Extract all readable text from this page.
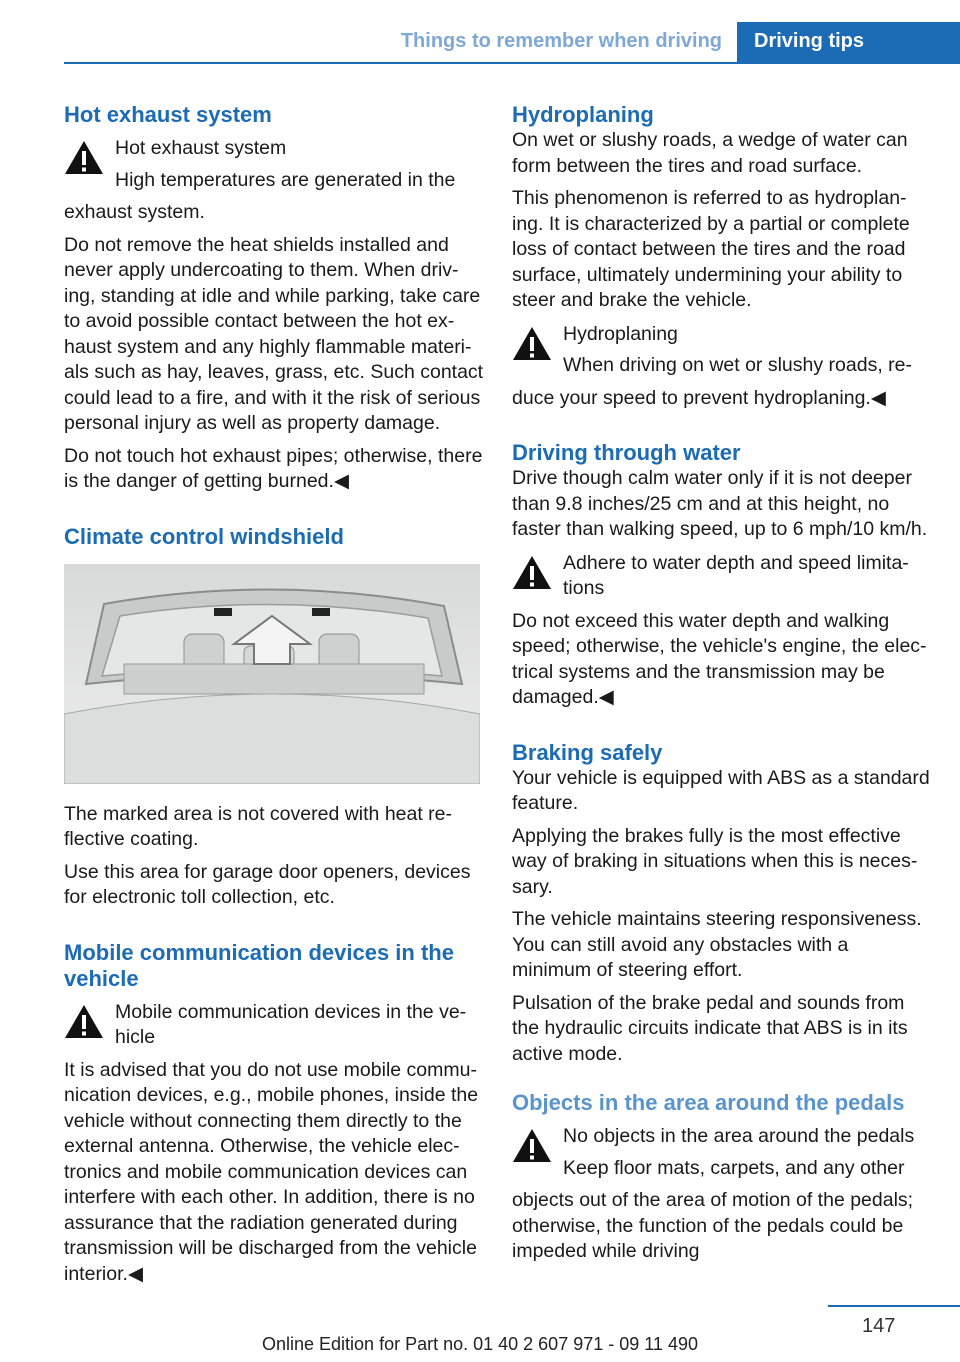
Things to remember when driving	Driving tips
Hot exhaust system

Hot exhaust system

High temperatures are generated in the

exhaust system.

Do not remove the heat shields installed and never apply undercoating to them. When driv‐ing, standing at idle and while parking, take care to avoid possible contact between the hot ex‐haust system and any highly flammable materi‐als such as hay, leaves, grass, etc. Such contact could lead to a fire, and with it the risk of serious personal injury as well as property damage.

Do not touch hot exhaust pipes; otherwise, there is the danger of getting burned.◀

Climate control windshield

The marked area is not covered with heat re‐flective coating.

Use this area for garage door openers, devices for electronic toll collection, etc.

Mobile communication devices in the vehicle

Mobile communication devices in the ve‐hicle

It is advised that you do not use mobile commu‐nication devices, e.g., mobile phones, inside the vehicle without connecting them directly to the external antenna. Otherwise, the vehicle elec‐tronics and mobile communication devices can interfere with each other. In addition, there is no assurance that the radiation generated during transmission will be discharged from the vehicle interior.◀

Hydroplaning

On wet or slushy roads, a wedge of water can form between the tires and road surface.

This phenomenon is referred to as hydroplan‐ing. It is characterized by a partial or complete loss of contact between the tires and the road surface, ultimately undermining your ability to steer and brake the vehicle.

Hydroplaning

When driving on wet or slushy roads, re‐

duce your speed to prevent hydroplaning.◀

Driving through water

Drive though calm water only if it is not deeper than 9.8 inches/25 cm and at this height, no faster than walking speed, up to 6 mph/10 km/h.

Adhere to water depth and speed limita‐tions

Do not exceed this water depth and walking speed; otherwise, the vehicle's engine, the elec‐trical systems and the transmission may be damaged.◀

Braking safely

Your vehicle is equipped with ABS as a standard feature.

Applying the brakes fully is the most effective way of braking in situations when this is neces‐sary.

The vehicle maintains steering responsiveness. You can still avoid any obstacles with a minimum of steering effort.

Pulsation of the brake pedal and sounds from the hydraulic circuits indicate that ABS is in its active mode.

Objects in the area around the pedals

No objects in the area around the pedals

Keep floor mats, carpets, and any other

objects out of the area of motion of the pedals; otherwise, the function of the pedals could be impeded while driving

147
Online Edition for Part no. 01 40 2 607 971 - 09 11 490
